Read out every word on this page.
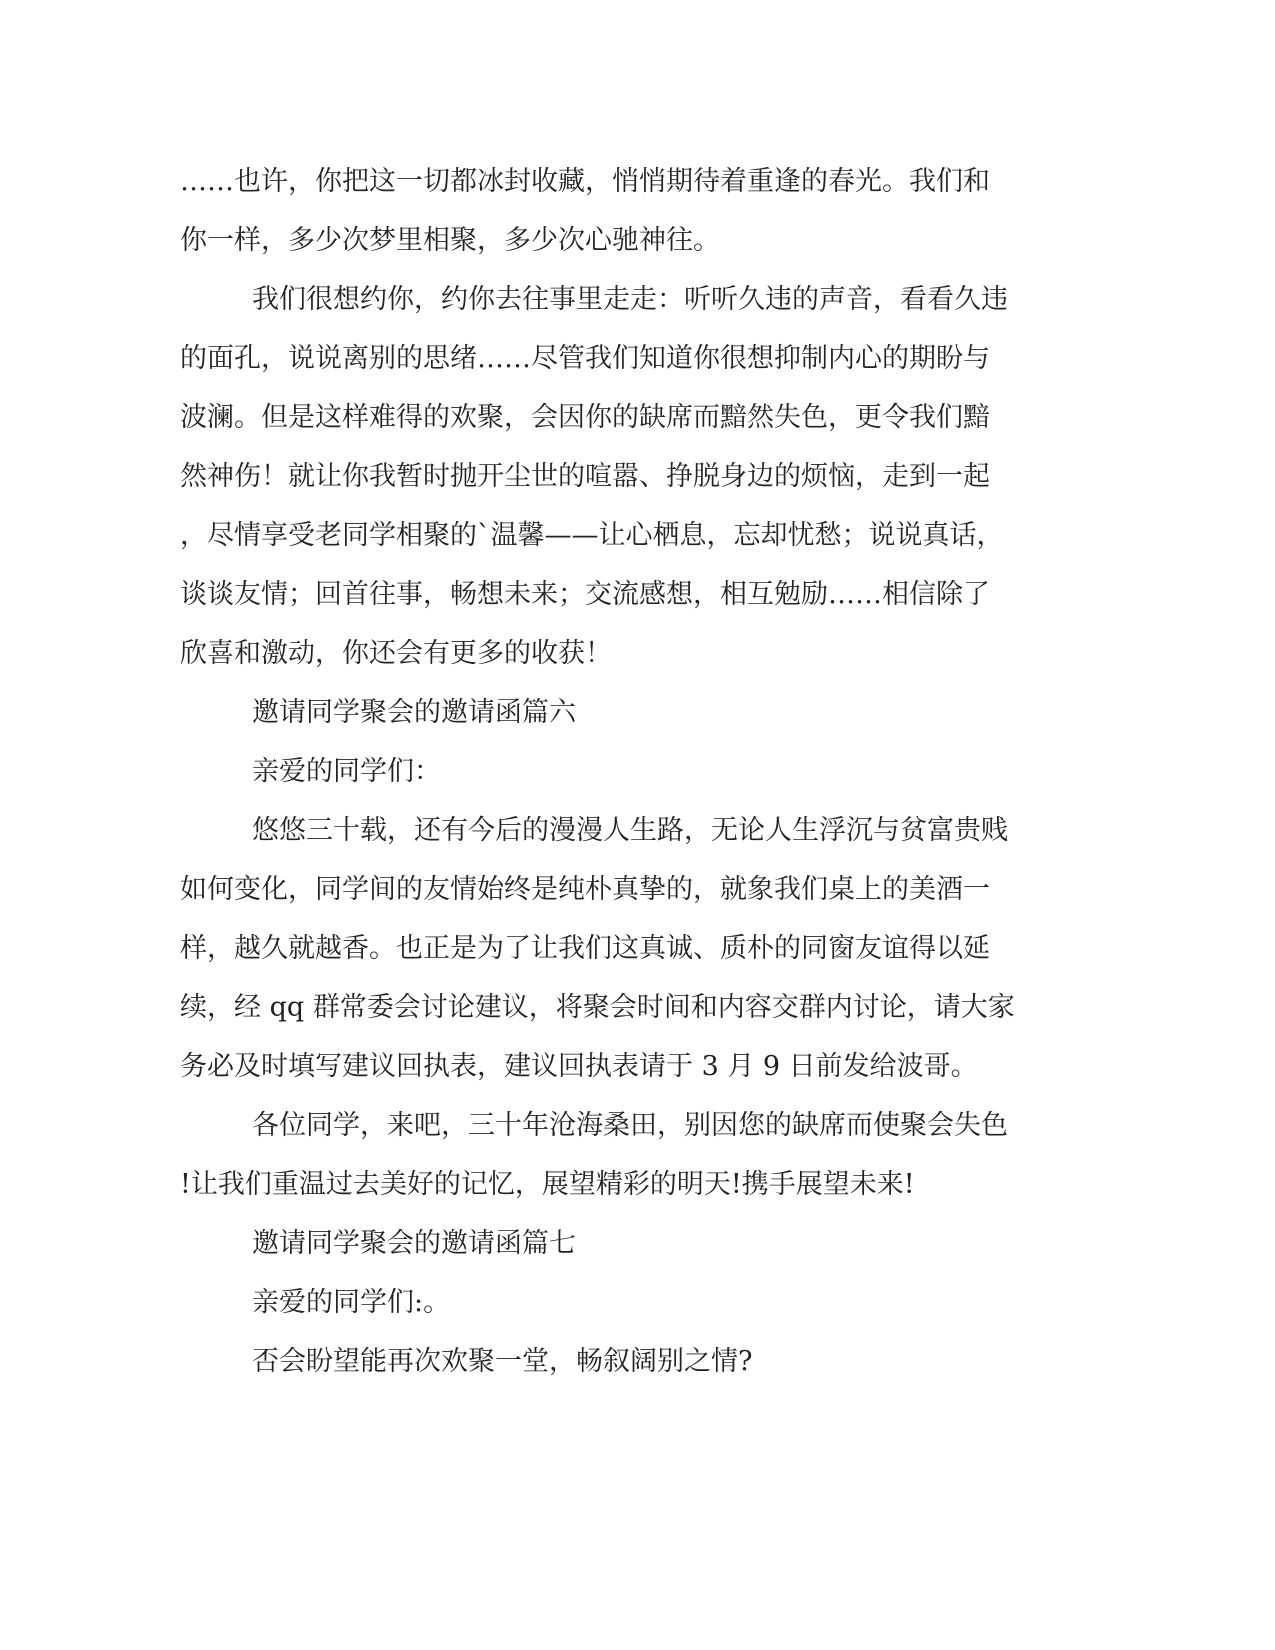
……也许，你把这一切都冰封收藏，悄悄期待着重逢的春光。我们和
你一样，多少次梦里相聚，多少次心驰神往。
我们很想约你，约你去往事里走走：听听久违的声音，看看久违
的面孔，说说离别的思绪……尽管我们知道你很想抑制内心的期盼与
波澜。但是这样难得的欢聚，会因你的缺席而黯然失色，更令我们黯
然神伤！就让你我暂时抛开尘世的喧嚣、挣脱身边的烦恼，走到一起
，尽情享受老同学相聚的`温馨——让心栖息，忘却忧愁；说说真话，
谈谈友情；回首往事，畅想未来；交流感想，相互勉励……相信除了
欣喜和激动，你还会有更多的收获！
邀请同学聚会的邀请函篇六
亲爱的同学们：
悠悠三十载，还有今后的漫漫人生路，无论人生浮沉与贫富贵贱
如何变化，同学间的友情始终是纯朴真挚的，就象我们桌上的美酒一
样，越久就越香。也正是为了让我们这真诚、质朴的同窗友谊得以延
续，经 qq 群常委会讨论建议，将聚会时间和内容交群内讨论，请大家
务必及时填写建议回执表，建议回执表请于 3 月 9 日前发给波哥。
各位同学，来吧，三十年沧海桑田，别因您的缺席而使聚会失色
!让我们重温过去美好的记忆，展望精彩的明天!携手展望未来!
邀请同学聚会的邀请函篇七
亲爱的同学们:。
否会盼望能再次欢聚一堂，畅叙阔别之情?
